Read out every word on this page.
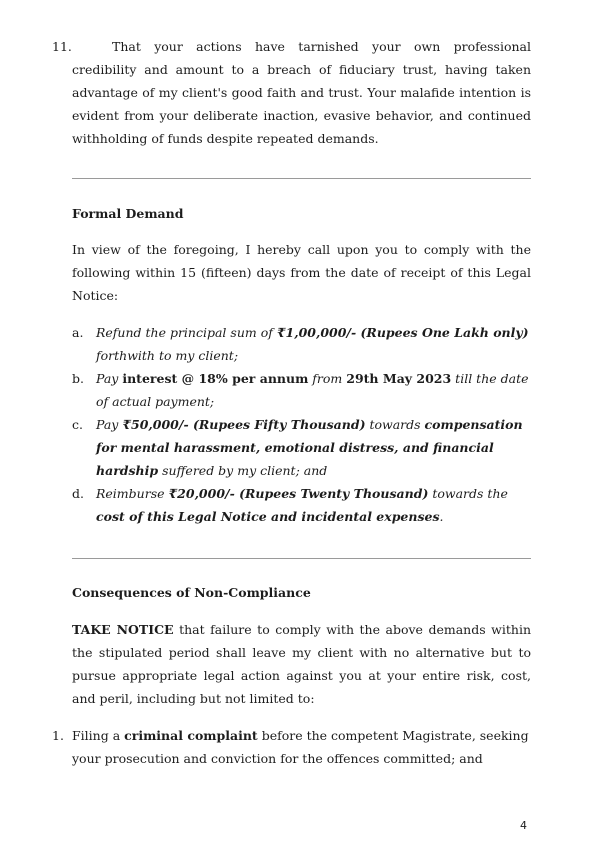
11.	That your actions have tarnished your own professional credibility and amount to a breach of fiduciary trust, having taken advantage of my client's good faith and trust. Your malafide intention is evident from your deliberate inaction, evasive behavior, and continued withholding of funds despite repeated demands.

Formal Demand

In view of the foregoing, I hereby call upon you to comply with the following within 15 (fifteen) days from the date of receipt of this Legal Notice:

a. Refund the principal sum of ₹1,00,000/- (Rupees One Lakh only) forthwith to my client;
b. Pay interest @ 18% per annum from 29th May 2023 till the date of actual payment;
c. Pay ₹50,000/- (Rupees Fifty Thousand) towards compensation for mental harassment, emotional distress, and financial hardship suffered by my client; and
d. Reimburse ₹20,000/- (Rupees Twenty Thousand) towards the cost of this Legal Notice and incidental expenses.

Consequences of Non-Compliance

TAKE NOTICE that failure to comply with the above demands within the stipulated period shall leave my client with no alternative but to pursue appropriate legal action against you at your entire risk, cost, and peril, including but not limited to:

1. Filing a criminal complaint before the competent Magistrate, seeking your prosecution and conviction for the offences committed; and
4
